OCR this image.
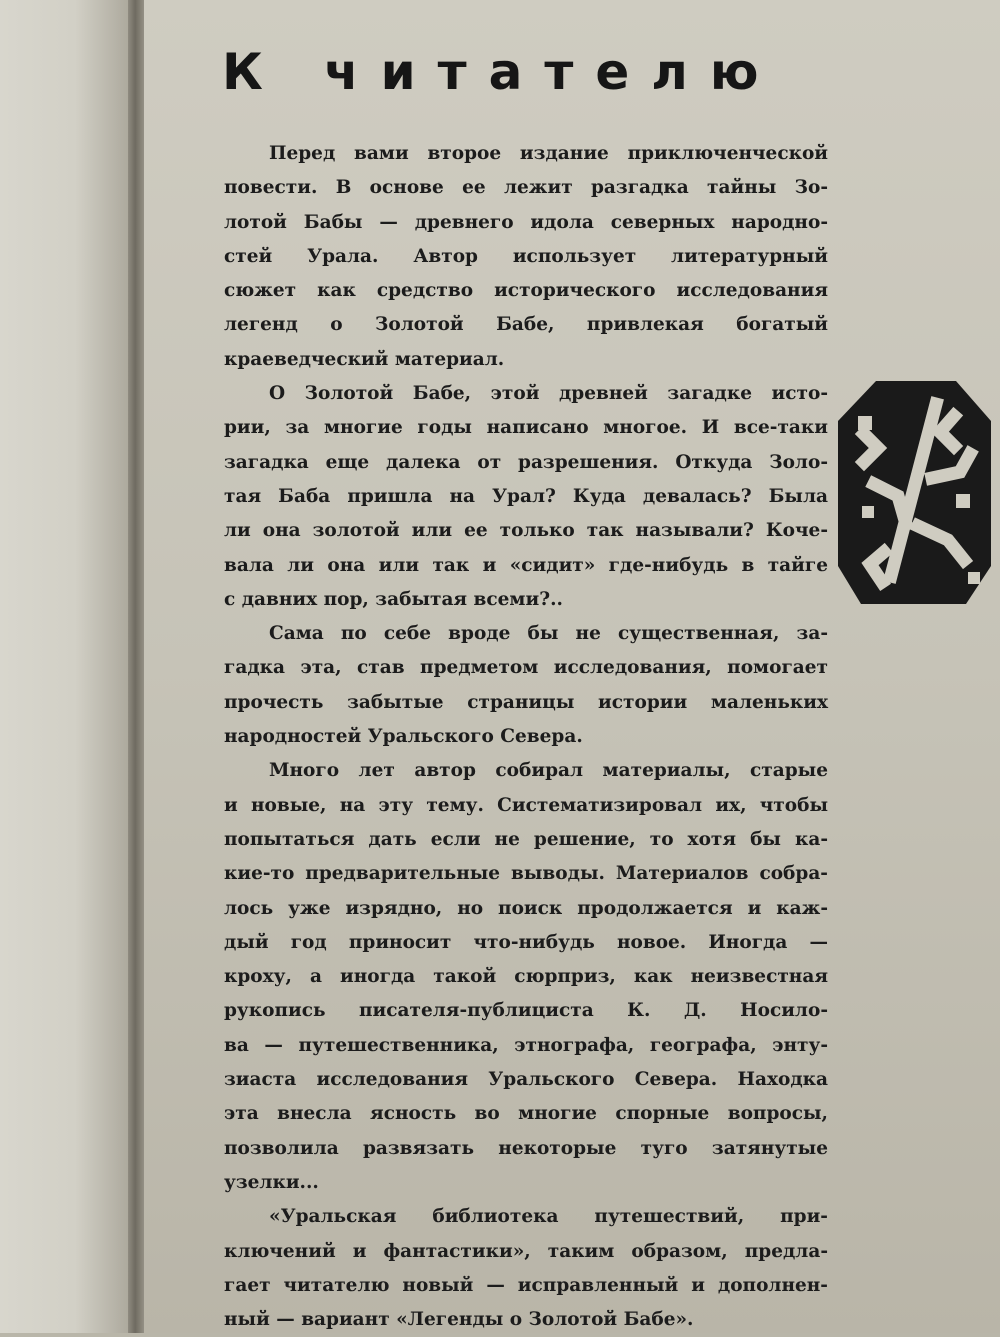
К читателю

Перед вами второе издание приключенческой
повести. В основе ее лежит разгадка тайны Зо-
лотой Бабы — древнего идола северных народно-
стей Урала. Автор использует литературный
сюжет как средство исторического исследования
легенд о Золотой Бабе, привлекая богатый
краеведческий материал.

О Золотой Бабе, этой древней загадке исто-
рии, за многие годы написано многое. И все-таки
загадка еще далека от разрешения. Откуда Золо-
тая Баба пришла на Урал? Куда девалась? Была
ли она золотой или ее только так называли? Коче-
вала ли она или так и «сидит» где-нибудь в тайге
с давних пор, забытая всеми?..

Сама по себе вроде бы не существенная, за-
гадка эта, став предметом исследования, помогает
прочесть забытые страницы истории маленьких
народностей Уральского Севера.

Много лет автор собирал материалы, старые
и новые, на эту тему. Систематизировал их, чтобы
попытаться дать если не решение, то хотя бы ка-
кие-то предварительные выводы. Материалов собра-
лось уже изрядно, но поиск продолжается и каж-
дый год приносит что-нибудь новое. Иногда —
кроху, а иногда такой сюрприз, как неизвестная
рукопись писателя-публициста К. Д. Носило-
ва — путешественника, этнографа, географа, энту-
зиаста исследования Уральского Севера. Находка
эта внесла ясность во многие спорные вопросы,
позволила развязать некоторые туго затянутые
узелки...

«Уральская библиотека путешествий, при-
ключений и фантастики», таким образом, предла-
гает читателю новый — исправленный и дополнен-
ный — вариант «Легенды о Золотой Бабе».
